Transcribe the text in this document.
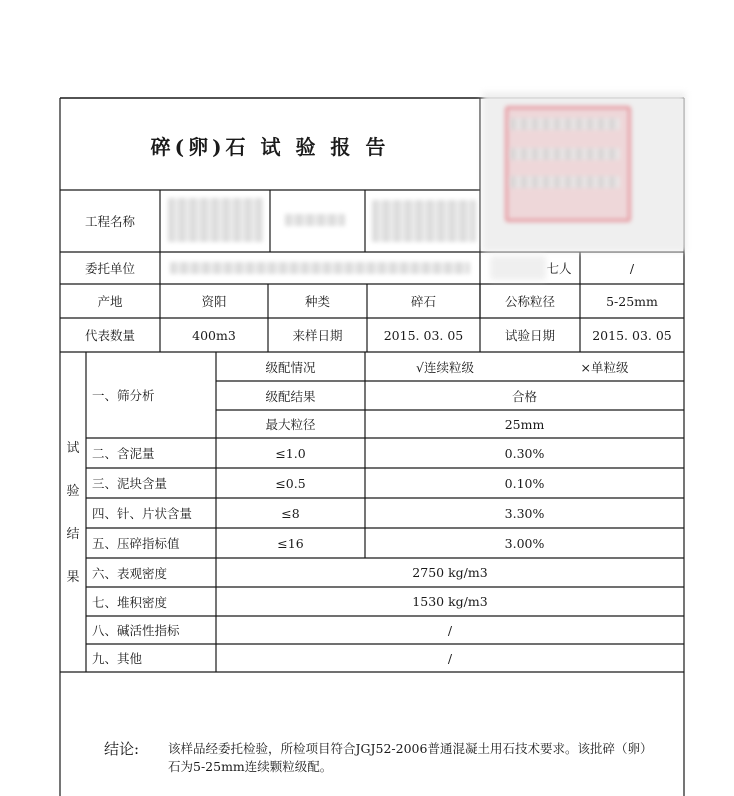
碎(卵)石 试 验 报 告
工程名称
委托单位	七人	/
产地	资阳	种类	碎石	公称粒径	5-25mm
代表数量	400m3	来样日期	2015. 03. 05	试验日期	2015. 03. 05
试
验
结
果
一、筛分析
级配情况	√连续粒级	×单粒级
级配结果	合格
最大粒径	25mm
二、含泥量	≤1.0	0.30%
三、泥块含量	≤0.5	0.10%
四、针、片状含量	≤8	3.30%
五、压碎指标值	≤16	3.00%
六、表观密度	2750 kg/m3
七、堆积密度	1530 kg/m3
八、碱活性指标	/
九、其他	/
结论: 该样品经委托检验，所检项目符合JGJ52-2006普通混凝土用石技术要求。该批碎（卵）石为5-25mm连续颗粒级配。
